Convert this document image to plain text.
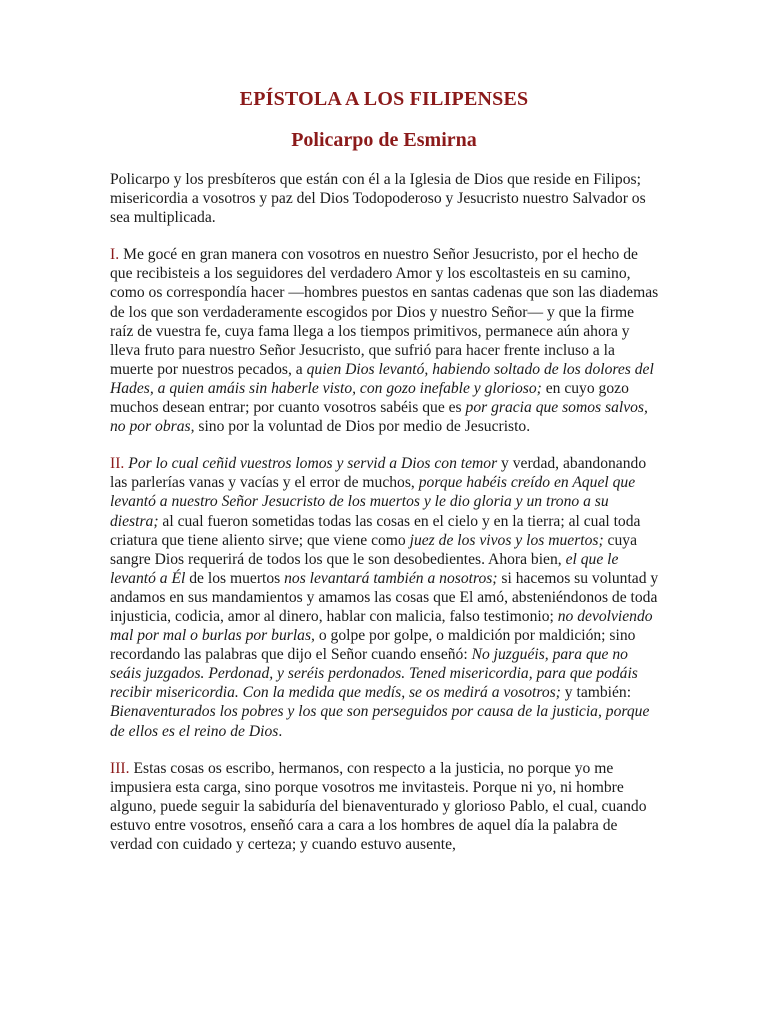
EPÍSTOLA A LOS FILIPENSES
Policarpo de Esmirna

Policarpo y los presbíteros que están con él a la Iglesia de Dios que reside en Filipos; misericordia a vosotros y paz del Dios Todopoderoso y Jesucristo nuestro Salvador os sea multiplicada.

I. Me gocé en gran manera con vosotros en nuestro Señor Jesucristo, por el hecho de que recibisteis a los seguidores del verdadero Amor y los escoltasteis en su camino, como os correspondía hacer —hombres puestos en santas cadenas que son las diademas de los que son verdaderamente escogidos por Dios y nuestro Señor— y que la firme raíz de vuestra fe, cuya fama llega a los tiempos primitivos, permanece aún ahora y lleva fruto para nuestro Señor Jesucristo, que sufrió para hacer frente incluso a la muerte por nuestros pecados, a quien Dios levantó, habiendo soltado de los dolores del Hades, a quien amáis sin haberle visto, con gozo inefable y glorioso; en cuyo gozo muchos desean entrar; por cuanto vosotros sabéis que es por gracia que somos salvos, no por obras, sino por la voluntad de Dios por medio de Jesucristo.

II. Por lo cual ceñid vuestros lomos y servid a Dios con temor y verdad, abandonando las parlerías vanas y vacías y el error de muchos, porque habéis creído en Aquel que levantó a nuestro Señor Jesucristo de los muertos y le dio gloria y un trono a su diestra; al cual fueron sometidas todas las cosas en el cielo y en la tierra; al cual toda criatura que tiene aliento sirve; que viene como juez de los vivos y los muertos; cuya sangre Dios requerirá de todos los que le son desobedientes. Ahora bien, el que le levantó a Él de los muertos nos levantará también a nosotros; si hacemos su voluntad y andamos en sus mandamientos y amamos las cosas que El amó, absteniéndonos de toda injusticia, codicia, amor al dinero, hablar con malicia, falso testimonio; no devolviendo mal por mal o burlas por burlas, o golpe por golpe, o maldición por maldición; sino recordando las palabras que dijo el Señor cuando enseñó: No juzguéis, para que no seáis juzgados. Perdonad, y seréis perdonados. Tened misericordia, para que podáis recibir misericordia. Con la medida que medís, se os medirá a vosotros; y también: Bienaventurados los pobres y los que son perseguidos por causa de la justicia, porque de ellos es el reino de Dios.

III. Estas cosas os escribo, hermanos, con respecto a la justicia, no porque yo me impusiera esta carga, sino porque vosotros me invitasteis. Porque ni yo, ni hombre alguno, puede seguir la sabiduría del bienaventurado y glorioso Pablo, el cual, cuando estuvo entre vosotros, enseñó cara a cara a los hombres de aquel día la palabra de verdad con cuidado y certeza; y cuando estuvo ausente,
